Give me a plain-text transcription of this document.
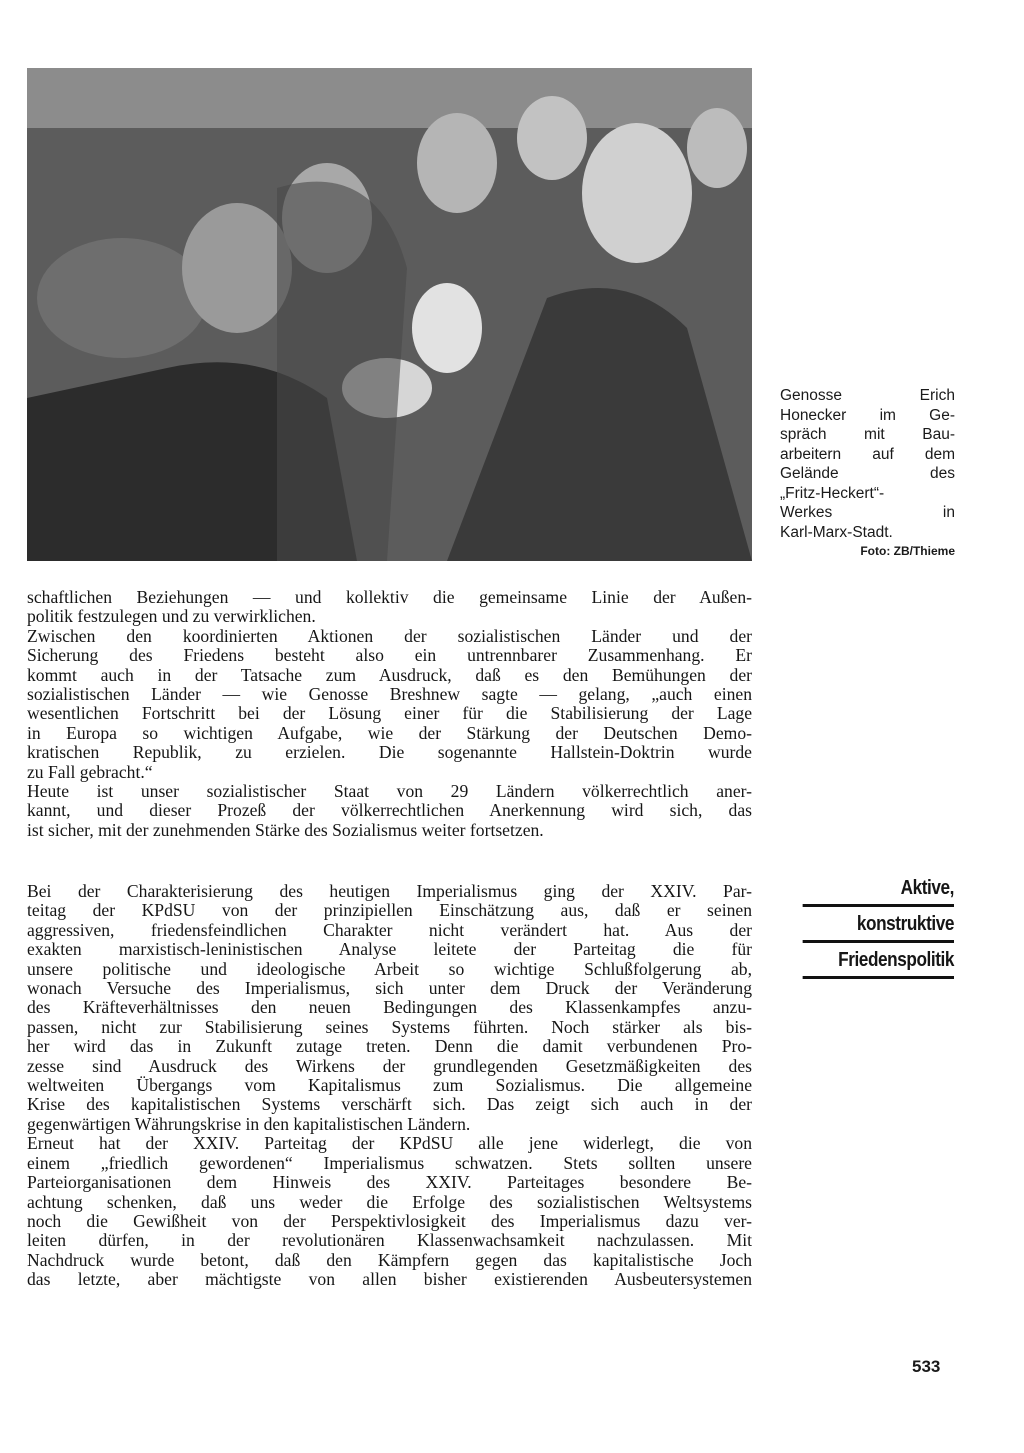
Genosse Erich
Honecker im Ge-
spräch mit Bau-
arbeitern auf dem
Gelände des
„Fritz-Heckert“-
Werkes in
Karl-Marx-Stadt.
Foto: ZB/Thieme
schaftlichen Beziehungen — und kollektiv die gemeinsame Linie der Außen-
politik festzulegen und zu verwirklichen.
Zwischen den koordinierten Aktionen der sozialistischen Länder und der
Sicherung des Friedens besteht also ein untrennbarer Zusammenhang. Er
kommt auch in der Tatsache zum Ausdruck, daß es den Bemühungen der
sozialistischen Länder — wie Genosse Breshnew sagte — gelang, „auch einen
wesentlichen Fortschritt bei der Lösung einer für die Stabilisierung der Lage
in Europa so wichtigen Aufgabe, wie der Stärkung der Deutschen Demo-
kratischen Republik, zu erzielen. Die sogenannte Hallstein-Doktrin wurde
zu Fall gebracht.“
Heute ist unser sozialistischer Staat von 29 Ländern völkerrechtlich aner-
kannt, und dieser Prozeß der völkerrechtlichen Anerkennung wird sich, das
ist sicher, mit der zunehmenden Stärke des Sozialismus weiter fortsetzen.
Aktive,
konstruktive
Friedenspolitik
Bei der Charakterisierung des heutigen Imperialismus ging der XXIV. Par-
teitag der KPdSU von der prinzipiellen Einschätzung aus, daß er seinen
aggressiven, friedensfeindlichen Charakter nicht verändert hat. Aus der
exakten marxistisch-leninistischen Analyse leitete der Parteitag die für
unsere politische und ideologische Arbeit so wichtige Schlußfolgerung ab,
wonach Versuche des Imperialismus, sich unter dem Druck der Veränderung
des Kräfteverhältnisses den neuen Bedingungen des Klassenkampfes anzu-
passen, nicht zur Stabilisierung seines Systems führten. Noch stärker als bis-
her wird das in Zukunft zutage treten. Denn die damit verbundenen Pro-
zesse sind Ausdruck des Wirkens der grundlegenden Gesetzmäßigkeiten des
weltweiten Übergangs vom Kapitalismus zum Sozialismus. Die allgemeine
Krise des kapitalistischen Systems verschärft sich. Das zeigt sich auch in der
gegenwärtigen Währungskrise in den kapitalistischen Ländern.
Erneut hat der XXIV. Parteitag der KPdSU alle jene widerlegt, die von
einem „friedlich gewordenen“ Imperialismus schwatzen. Stets sollten unsere
Parteiorganisationen dem Hinweis des XXIV. Parteitages besondere Be-
achtung schenken, daß uns weder die Erfolge des sozialistischen Weltsystems
noch die Gewißheit von der Perspektivlosigkeit des Imperialismus dazu ver-
leiten dürfen, in der revolutionären Klassenwachsamkeit nachzulassen. Mit
Nachdruck wurde betont, daß den Kämpfern gegen das kapitalistische Joch
das letzte, aber mächtigste von allen bisher existierenden Ausbeutersystemen
533
